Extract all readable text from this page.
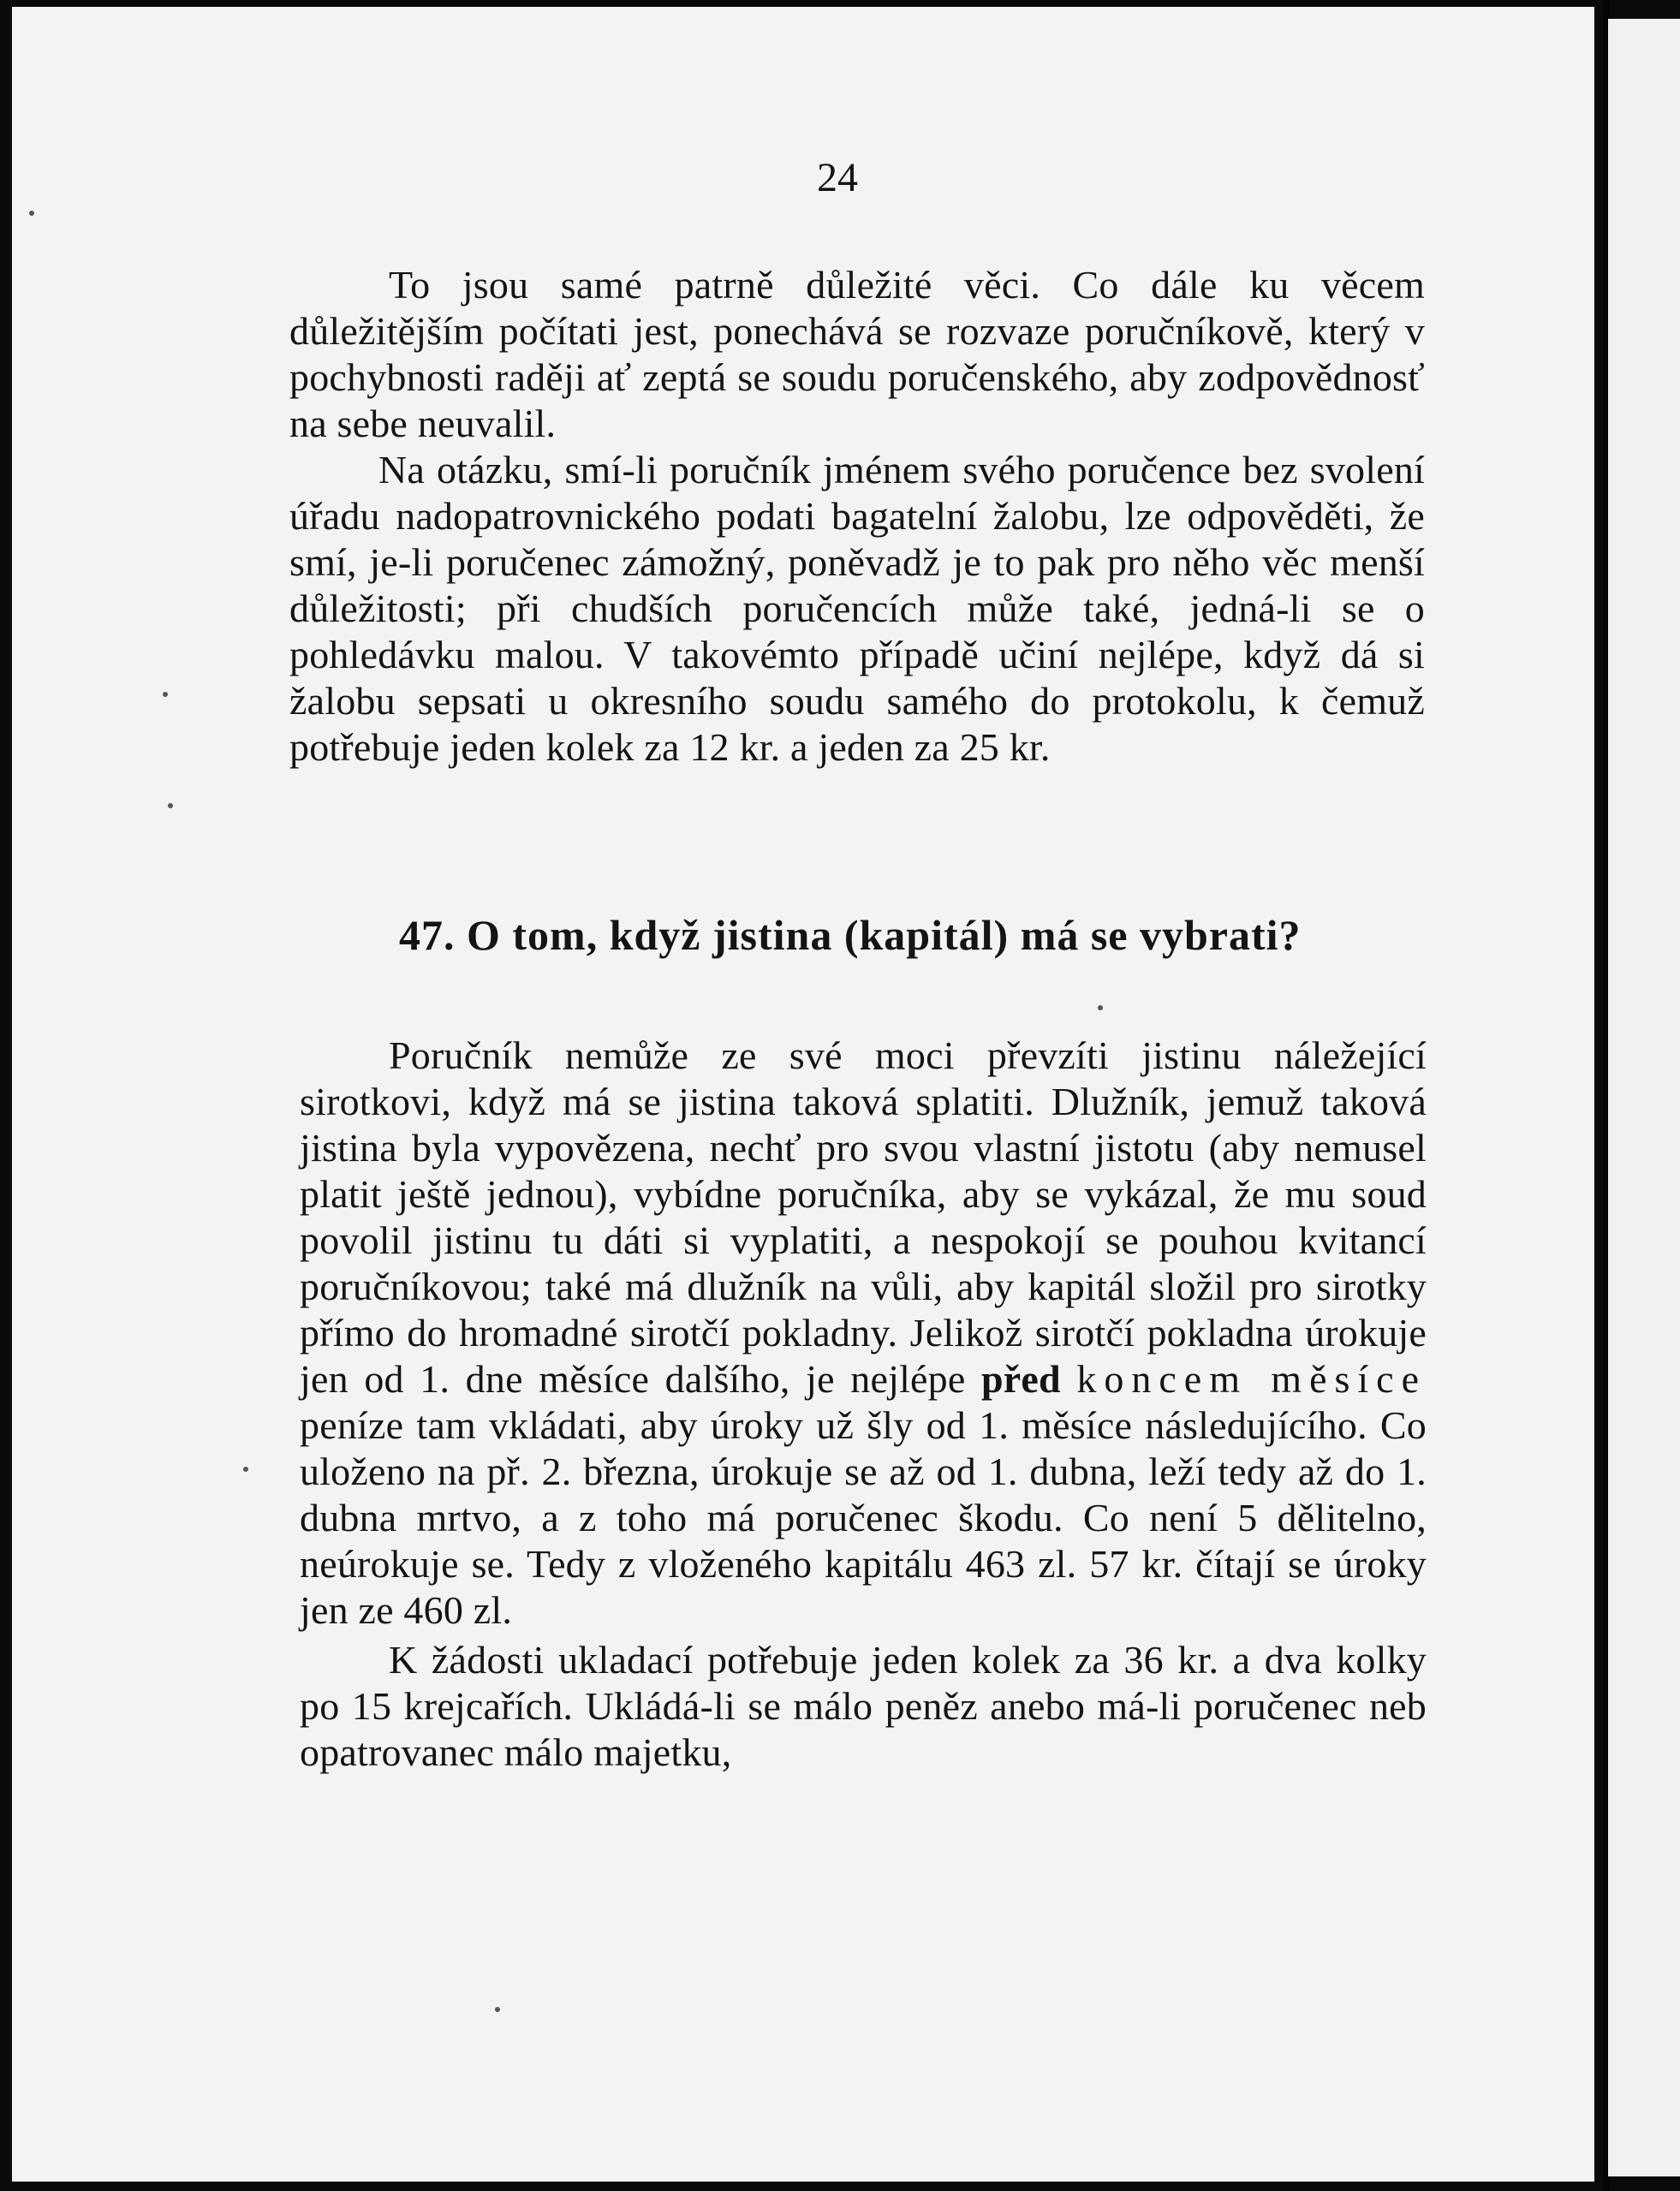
24

To jsou samé patrně důležité věci. Co dále ku věcem důležitějším počítati jest, ponechává se rozvaze poručníkově, který v pochybnosti raději ať zeptá se soudu poručenského, aby zodpovědnosť na sebe neuvalil.

Na otázku, smí-li poručník jménem svého poručence bez svolení úřadu nadopatrovnického podati bagatelní žalobu, lze odpověděti, že smí, je-li poručenec zámožný, poněvadž je to pak pro něho věc menší důležitosti; při chudších poručencích může také, jedná-li se o pohledávku malou. V takovémto případě učiní nejlépe, když dá si žalobu sepsati u okresního soudu samého do protokolu, k čemuž potřebuje jeden kolek za 12 kr. a jeden za 25 kr.

47. O tom, když jistina (kapitál) má se vybrati?

Poručník nemůže ze své moci převzíti jistinu náležející sirotkovi, když má se jistina taková splatiti. Dlužník, jemuž taková jistina byla vypovězena, nechť pro svou vlastní jistotu (aby nemusel platit ještě jednou), vybídne poručníka, aby se vykázal, že mu soud povolil jistinu tu dáti si vyplatiti, a nespokojí se pouhou kvitancí poručníkovou; také má dlužník na vůli, aby kapitál složil pro sirotky přímo do hromadné sirotčí pokladny. Jelikož sirotčí pokladna úrokuje jen od 1. dne měsíce dalšího, je nejlépe před koncem měsíce peníze tam vkládati, aby úroky už šly od 1. měsíce následujícího. Co uloženo na př. 2. března, úrokuje se až od 1. dubna, leží tedy až do 1. dubna mrtvo, a z toho má poručenec škodu. Co není 5 dělitelno, neúrokuje se. Tedy z vloženého kapitálu 463 zl. 57 kr. čítají se úroky jen ze 460 zl.

K žádosti ukladací potřebuje jeden kolek za 36 kr. a dva kolky po 15 krejcařích. Ukládá-li se málo peněz anebo má-li poručenec neb opatrovanec málo majetku,
